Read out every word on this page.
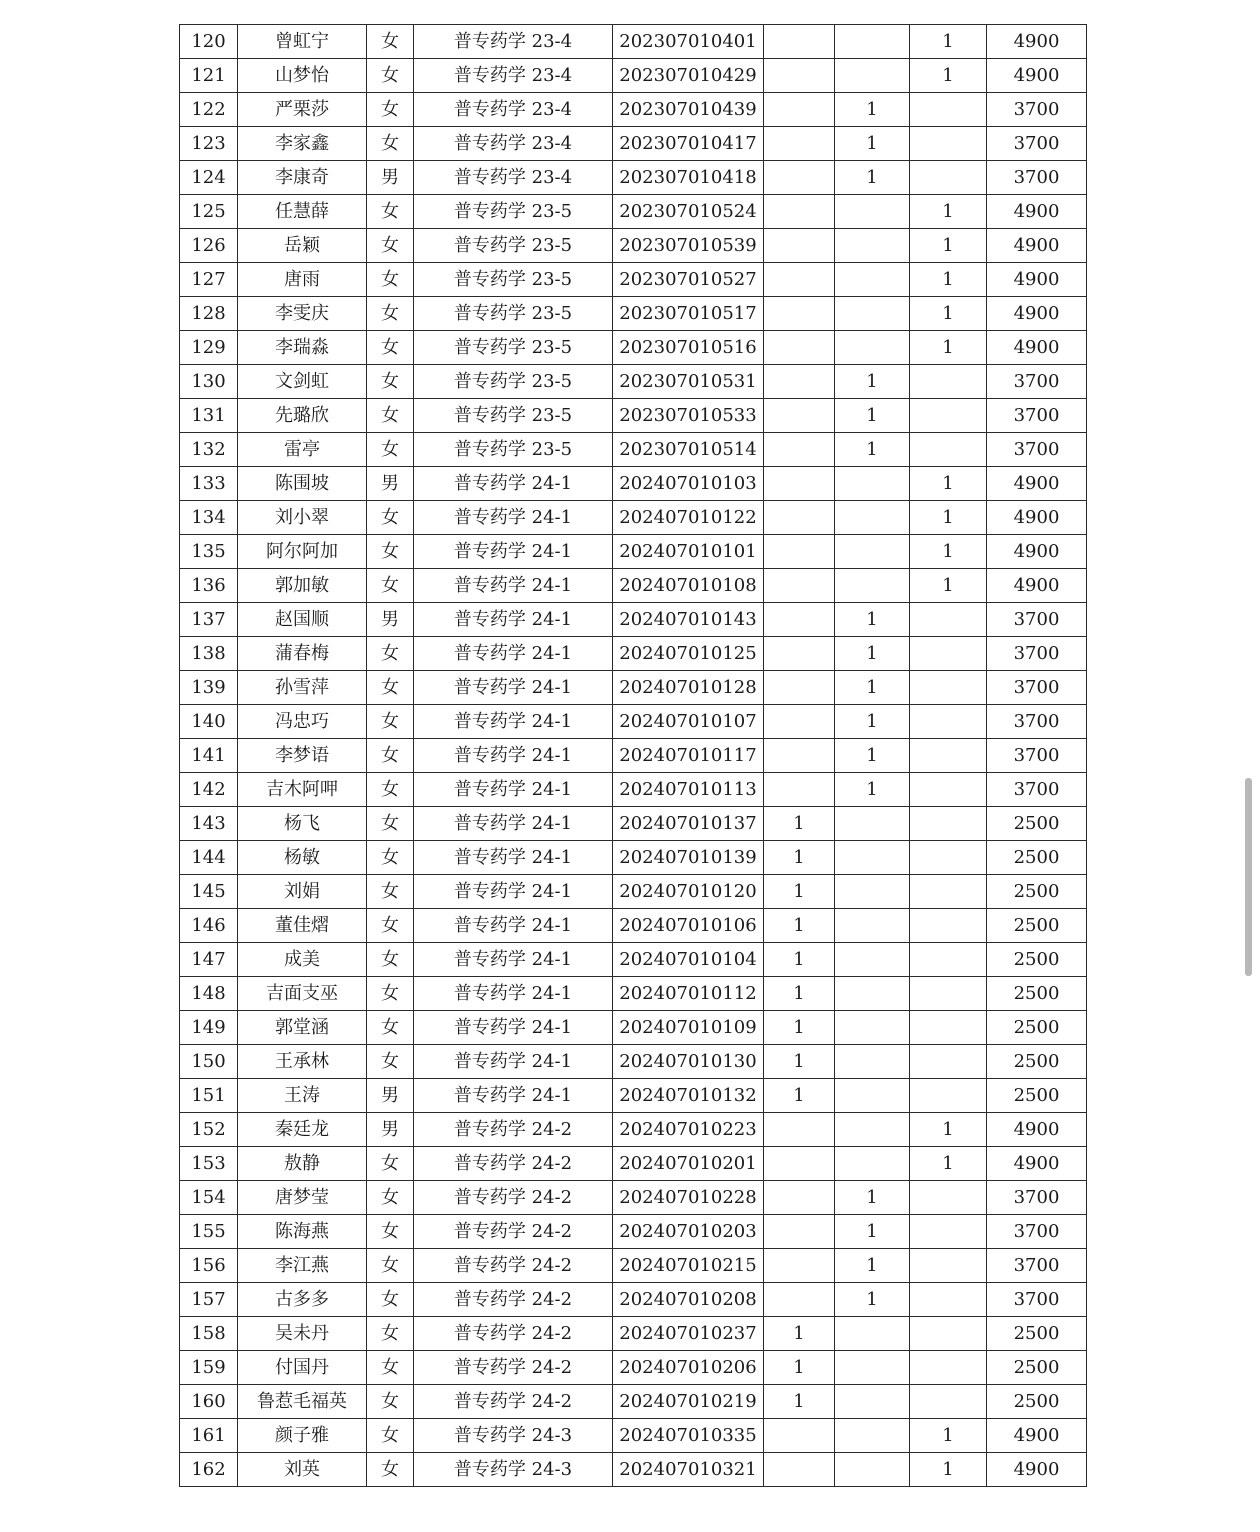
120	曾虹宁	女	普专药学 23-4	202307010401			1	4900
121	山梦怡	女	普专药学 23-4	202307010429			1	4900
122	严栗莎	女	普专药学 23-4	202307010439		1		3700
123	李家鑫	女	普专药学 23-4	202307010417		1		3700
124	李康奇	男	普专药学 23-4	202307010418		1		3700
125	任慧薛	女	普专药学 23-5	202307010524			1	4900
126	岳颖	女	普专药学 23-5	202307010539			1	4900
127	唐雨	女	普专药学 23-5	202307010527			1	4900
128	李雯庆	女	普专药学 23-5	202307010517			1	4900
129	李瑞淼	女	普专药学 23-5	202307010516			1	4900
130	文剑虹	女	普专药学 23-5	202307010531		1		3700
131	先璐欣	女	普专药学 23-5	202307010533		1		3700
132	雷亭	女	普专药学 23-5	202307010514		1		3700
133	陈围坡	男	普专药学 24-1	202407010103			1	4900
134	刘小翠	女	普专药学 24-1	202407010122			1	4900
135	阿尔阿加	女	普专药学 24-1	202407010101			1	4900
136	郭加敏	女	普专药学 24-1	202407010108			1	4900
137	赵国顺	男	普专药学 24-1	202407010143		1		3700
138	蒲春梅	女	普专药学 24-1	202407010125		1		3700
139	孙雪萍	女	普专药学 24-1	202407010128		1		3700
140	冯忠巧	女	普专药学 24-1	202407010107		1		3700
141	李梦语	女	普专药学 24-1	202407010117		1		3700
142	吉木阿呷	女	普专药学 24-1	202407010113		1		3700
143	杨飞	女	普专药学 24-1	202407010137	1			2500
144	杨敏	女	普专药学 24-1	202407010139	1			2500
145	刘娟	女	普专药学 24-1	202407010120	1			2500
146	董佳熠	女	普专药学 24-1	202407010106	1			2500
147	成美	女	普专药学 24-1	202407010104	1			2500
148	吉面支巫	女	普专药学 24-1	202407010112	1			2500
149	郭堂涵	女	普专药学 24-1	202407010109	1			2500
150	王承林	女	普专药学 24-1	202407010130	1			2500
151	王涛	男	普专药学 24-1	202407010132	1			2500
152	秦廷龙	男	普专药学 24-2	202407010223			1	4900
153	敖静	女	普专药学 24-2	202407010201			1	4900
154	唐梦莹	女	普专药学 24-2	202407010228		1		3700
155	陈海燕	女	普专药学 24-2	202407010203		1		3700
156	李江燕	女	普专药学 24-2	202407010215		1		3700
157	古多多	女	普专药学 24-2	202407010208		1		3700
158	吴未丹	女	普专药学 24-2	202407010237	1			2500
159	付国丹	女	普专药学 24-2	202407010206	1			2500
160	鲁惹毛福英	女	普专药学 24-2	202407010219	1			2500
161	颜子雅	女	普专药学 24-3	202407010335			1	4900
162	刘英	女	普专药学 24-3	202407010321			1	4900
